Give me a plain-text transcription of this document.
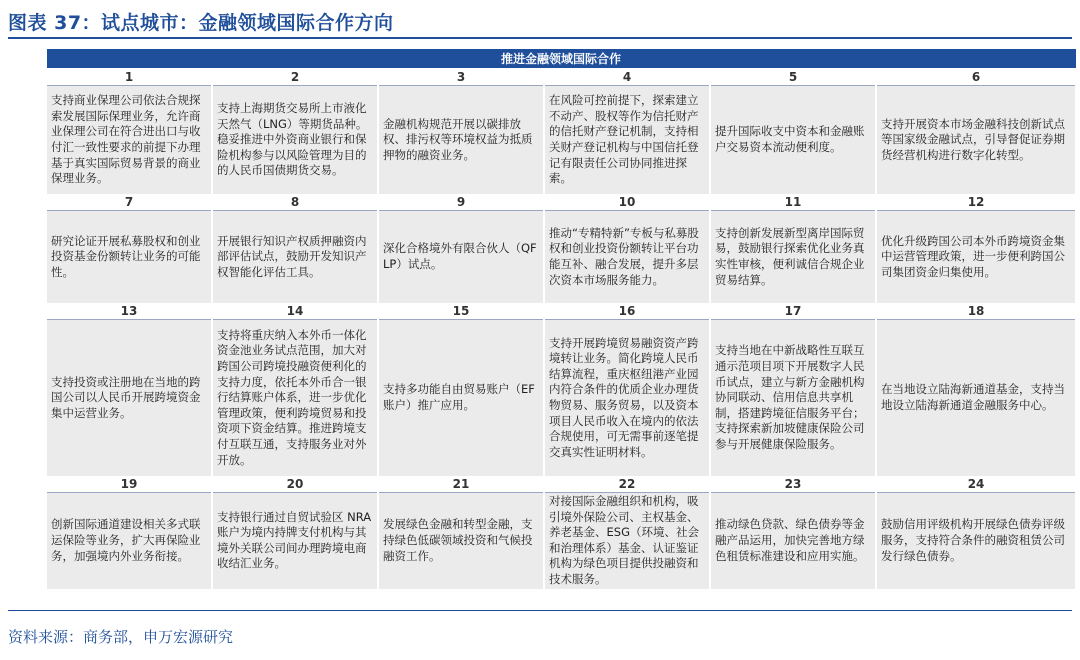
图表 37：试点城市：金融领域国际合作方向
推进金融领域国际合作					
1	2	3	4	5	6
支持商业保理公司依法合规探索发展国际保理业务，允许商业保理公司在符合进出口与收付汇一致性要求的前提下办理基于真实国际贸易背景的商业保理业务。	支持上海期货交易所上市液化天然气（LNG）等期货品种。稳妥推进中外资商业银行和保险机构参与以风险管理为目的的人民币国债期货交易。	金融机构规范开展以碳排放权、排污权等环境权益为抵质押物的融资业务。	在风险可控前提下，探索建立不动产、股权等作为信托财产的信托财产登记机制，支持相关财产登记机构与中国信托登记有限责任公司协同推进探索。	提升国际收支中资本和金融账户交易资本流动便利度。	支持开展资本市场金融科技创新试点等国家级金融试点，引导督促证券期货经营机构进行数字化转型。
7	8	9	10	11	12
研究论证开展私募股权和创业投资基金份额转让业务的可能性。	开展银行知识产权质押融资内部评估试点，鼓励开发知识产权智能化评估工具。	深化合格境外有限合伙人（QFLP）试点。	推动“专精特新”专板与私募股权和创业投资份额转让平台功能互补、融合发展，提升多层次资本市场服务能力。	支持创新发展新型离岸国际贸易，鼓励银行探索优化业务真实性审核，便利诚信合规企业贸易结算。	优化升级跨国公司本外币跨境资金集中运营管理政策，进一步便利跨国公司集团资金归集使用。
13	14	15	16	17	18
支持投资或注册地在当地的跨国公司以人民币开展跨境资金集中运营业务。	支持将重庆纳入本外币一体化资金池业务试点范围，加大对跨国公司跨境投融资便利化的支持力度，依托本外币合一银行结算账户体系，进一步优化管理政策，便利跨境贸易和投资项下资金结算。推进跨境支付互联互通，支持服务业对外开放。	支持多功能自由贸易账户（EF 账户）推广应用。	支持开展跨境贸易融资资产跨境转让业务。简化跨境人民币结算流程，重庆枢纽港产业园内符合条件的优质企业办理货物贸易、服务贸易，以及资本项目人民币收入在境内的依法合规使用，可无需事前逐笔提交真实性证明材料。	支持当地在中新战略性互联互通示范项目项下开展数字人民币试点，建立与新方金融机构协同联动、信用信息共享机制，搭建跨境征信服务平台；支持探索新加坡健康保险公司参与开展健康保险服务。	在当地设立陆海新通道基金，支持当地设立陆海新通道金融服务中心。
19	20	21	22	23	24
创新国际通道建设相关多式联运保险等业务，扩大再保险业务，加强境内外业务衔接。	支持银行通过自贸试验区 NRA 账户为境内持牌支付机构与其境外关联公司间办理跨境电商收结汇业务。	发展绿色金融和转型金融，支持绿色低碳领域投资和气候投融资工作。	对接国际金融组织和机构，吸引境外保险公司、主权基金、养老基金、ESG（环境、社会和治理体系）基金、认证鉴证机构为绿色项目提供投融资和技术服务。	推动绿色贷款、绿色债券等金融产品运用，加快完善地方绿色租赁标准建设和应用实施。	鼓励信用评级机构开展绿色债券评级服务，支持符合条件的融资租赁公司发行绿色债券。
资料来源：商务部，申万宏源研究
